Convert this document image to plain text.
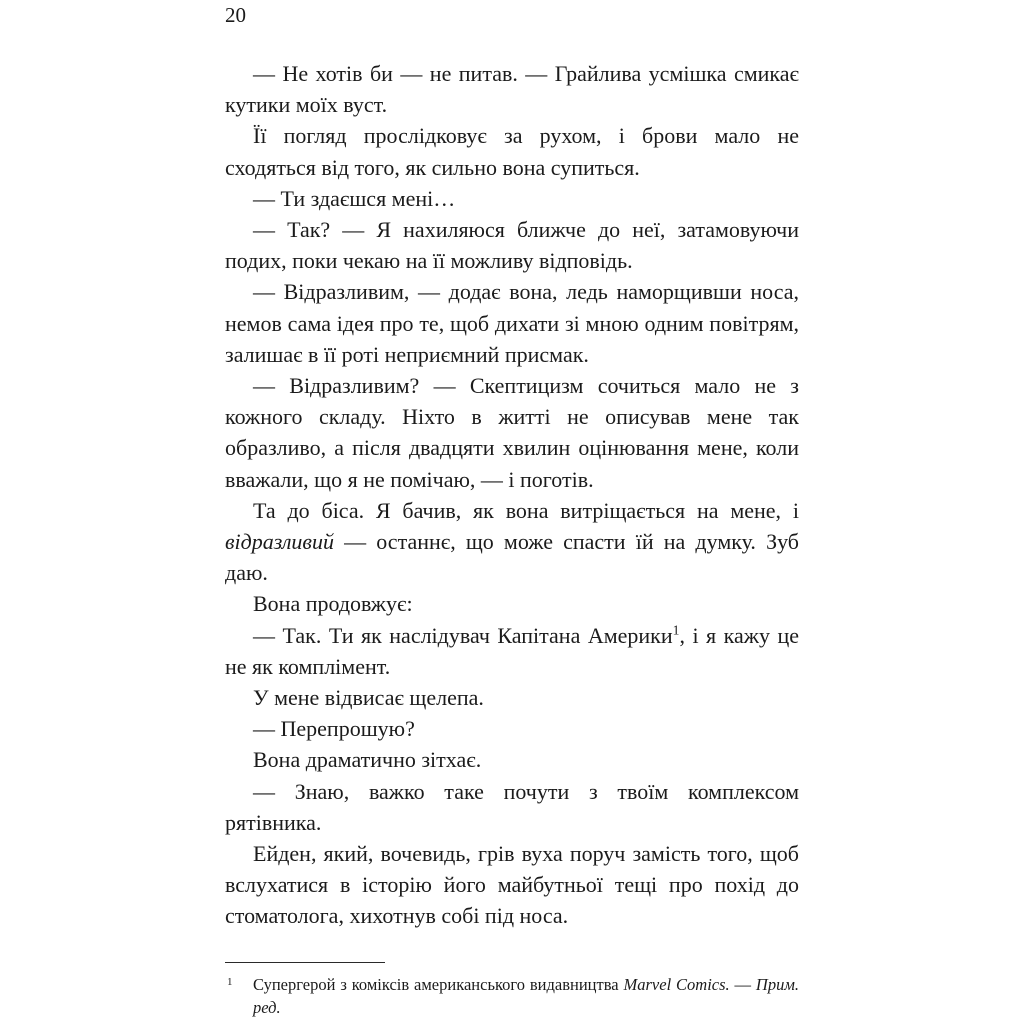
20

— Не хотів би — не питав. — Грайлива усмішка смикає кутики моїх вуст.

Її погляд прослідковує за рухом, і брови мало не сходяться від того, як сильно вона супиться.

— Ти здаєшся мені…

— Так? — Я нахиляюся ближче до неї, затамовуючи подих, поки чекаю на її можливу відповідь.

— Відразливим, — додає вона, ледь наморщивши носа, немов сама ідея про те, щоб дихати зі мною одним повітрям, залишає в її роті неприємний присмак.

— Відразливим? — Скептицизм сочиться мало не з кожного складу. Ніхто в житті не описував мене так образливо, а після двадцяти хвилин оцінювання мене, коли вважали, що я не помічаю, — і поготів.

Та до біса. Я бачив, як вона витріщається на мене, і відразливий — останнє, що може спасти їй на думку. Зуб даю.

Вона продовжує:

— Так. Ти як наслідувач Капітана Америки$^1$, і я кажу це не як комплімент.

У мене відвисає щелепа.

— Перепрошую?

Вона драматично зітхає.

— Знаю, важко таке почути з твоїм комплексом рятівника.

Ейден, який, вочевидь, грів вуха поруч замість того, щоб вслухатися в історію його майбутньої тещі про похід до стоматолога, хихотнув собі під носа.

1 Супергерой з коміксів американського видавництва Marvel Comics. — Прим. ред.
